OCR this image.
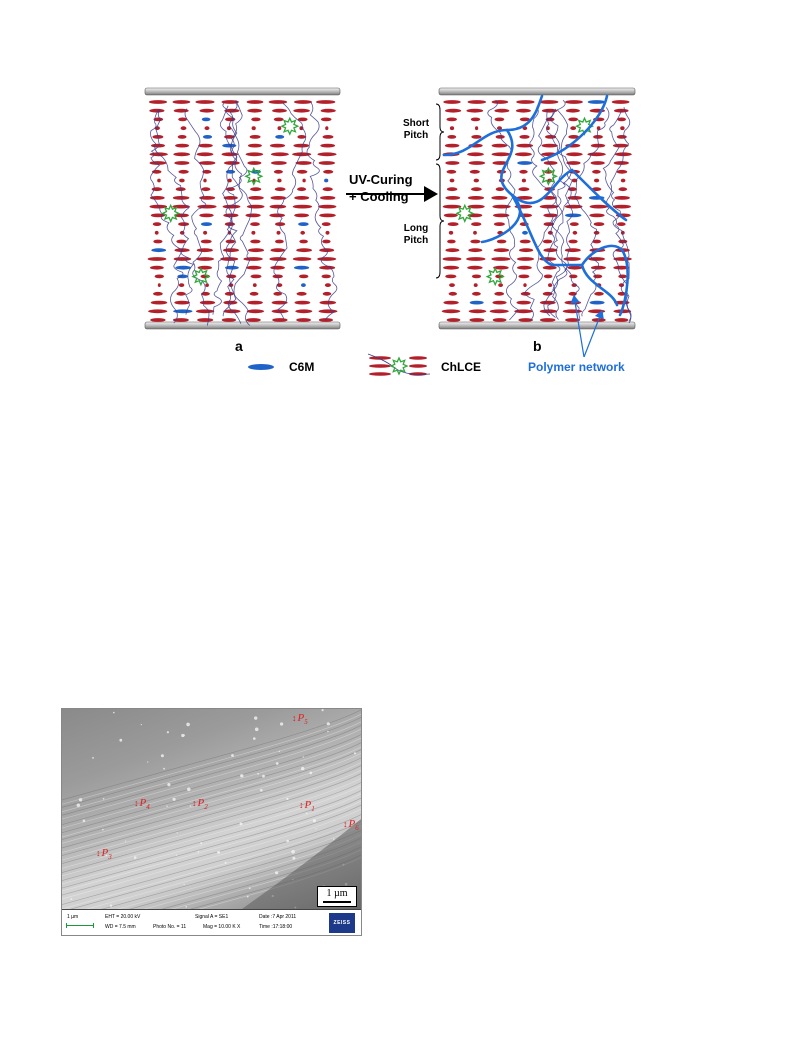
UV-Curing
+ Cooling
Short
Pitch
Long
Pitch
a	b
C6M	ChLCE	Polymer network
$↕P_5$
$↕P_4$	$↕P_2$	$↕P_1$
$↕P_6$
$↕P_3$
1 µm
1 µm	EHT = 20.00 kV
WD = 7.5 mm
Signal A = SE1
Photo No. = 11	Mag = 10.00 K X
Date :7 Apr 2011
Time :17:18:00
ZEISS
